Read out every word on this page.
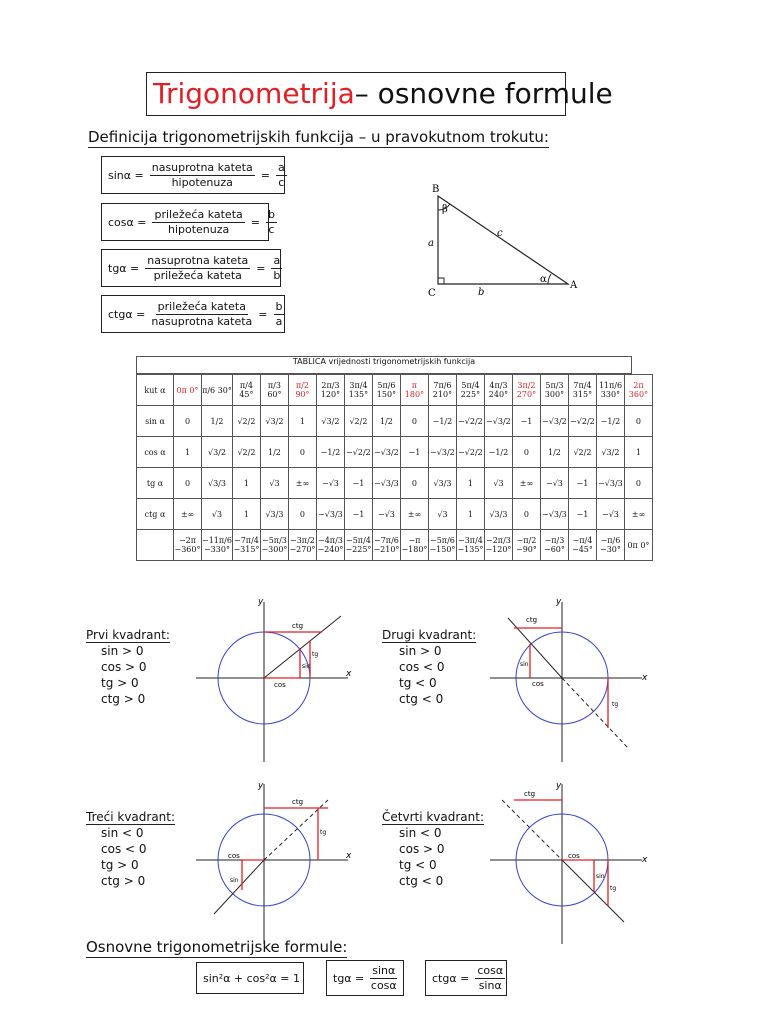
Trigonometrija– osnovne formule
Definicija trigonometrijskih funkcija – u pravokutnom trokutu:
$\sin\alpha = \frac{\text{nasuprotna kateta}}{\text{hipotenuza}} = \frac{a}{c}$
$\cos\alpha = \frac{\text{priležeća kateta}}{\text{hipotenuza}} = \frac{b}{c}$
$tg\alpha = \frac{\text{nasuprotna kateta}}{\text{priležeća kateta}} = \frac{a}{b}$
$ctg\alpha = \frac{\text{priležeća kateta}}{\text{nasuprotna kateta}} = \frac{b}{a}$
B
C
A
a
b
c
α
β
TABLICA vrijednosti trigonometrijskih funkcija
kut α	0π 0°	π/6 30°	π/4 45°	π/3 60°	π/2 90°	2π/3 120°	3π/4 135°	5π/6 150°	π 180°	7π/6 210°	5π/4 225°	4π/3 240°	3π/2 270°	5π/3 300°	7π/4 315°	11π/6 330°	2π 360°
sin α	0	1/2	√2/2	√3/2	1	√3/2	√2/2	1/2	0	−1/2	−√2/2	−√3/2	−1	−√3/2	−√2/2	−1/2	0
cos α	1	√3/2	√2/2	1/2	0	−1/2	−√2/2	−√3/2	−1	−√3/2	−√2/2	−1/2	0	1/2	√2/2	√3/2	1
tg α	0	√3/3	1	√3	±∞	−√3	−1	−√3/3	0	√3/3	1	√3	±∞	−√3	−1	−√3/3	0
ctg α	±∞	√3	1	√3/3	0	−√3/3	−1	−√3	±∞	√3	1	√3/3	0	−√3/3	−1	−√3	±∞
	−2π −360°	−11π/6 −330°	−7π/4 −315°	−5π/3 −300°	−3π/2 −270°	−4π/3 −240°	−5π/4 −225°	−7π/6 −210°	−π −180°	−5π/6 −150°	−3π/4 −135°	−2π/3 −120°	−π/2 −90°	−π/3 −60°	−π/4 −45°	−π/6 −30°	0π 0°
Prvi kvadrant:
sin > 0
cos > 0
tg > 0
ctg > 0
Drugi kvadrant:
sin > 0
cos < 0
tg < 0
ctg < 0
Treći kvadrant:
sin < 0
cos < 0
tg > 0
ctg > 0
Četvrti kvadrant:
sin < 0
cos > 0
tg < 0
ctg < 0
y
x
ctg
cos
sin
tg
y
x
ctg
cos
sin
tg
y
x
ctg
cos
sin
tg
y
x
ctg
cos
sin
tg
Osnovne trigonometrijske formule:
sin²α + cos²α = 1	$tg\alpha = \frac{\sin\alpha}{\cos\alpha}$	$ctg\alpha = \frac{\cos\alpha}{\sin\alpha}$
